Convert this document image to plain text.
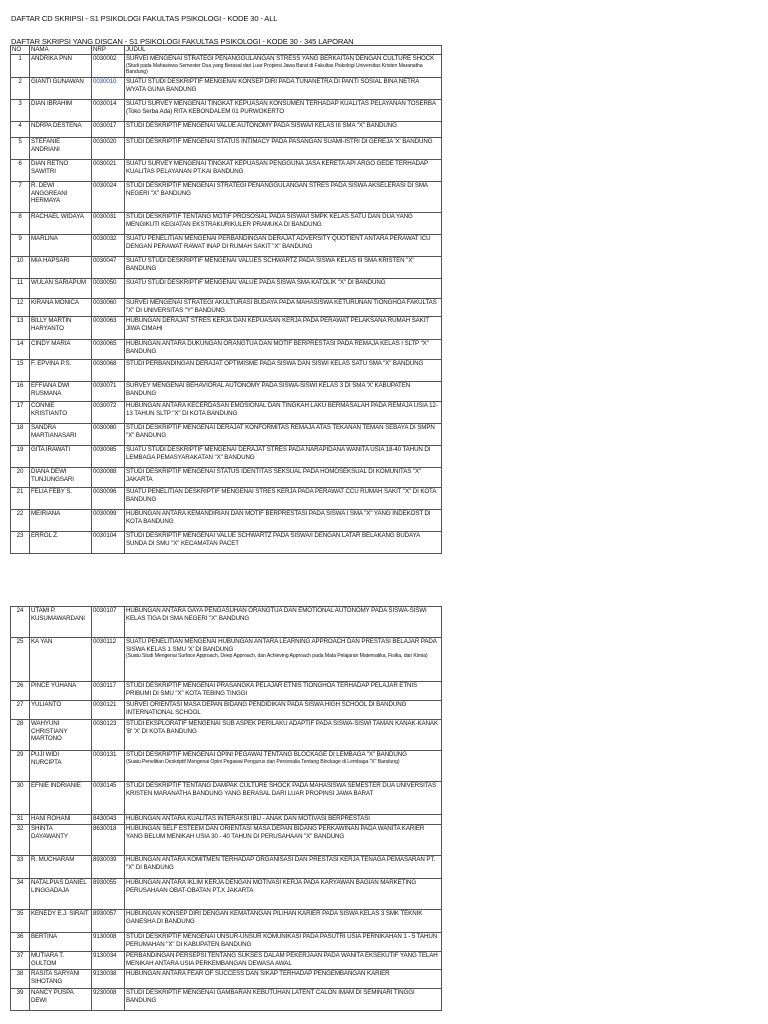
DAFTAR CD SKRIPSI - S1 PSIKOLOGI FAKULTAS PSIKOLOGI - KODE 30 - ALL
DAFTAR SKRIPSI YANG DISCAN - S1 PSIKOLOGI FAKULTAS PSIKOLOGI - KODE 30 - 345 LAPORAN
NO	NAMA	NRP	JUDUL
1	ANDRIKA PNN	0030002	SURVEI MENGENAI STRATEGI PENANGGULANGAN STRESS YANG BERKAITAN DENGAN CULTURE SHOCK
(Studi pada Mahasiswa Semester Dua yang Berasal dari Luar Propinsi Jawa Barat di Fakultas Psikologi Universitas Kristen Maranatha Bandung)

2	GIANTI GUNAWAN	0030010	SUATU STUDI DESKRIPTIF MENGENAI KONSEP DIRI PADA TUNANETRA DI PANTI SOSIAL BINA NETRA WYATA GUNA BANDUNG
3	DIAN IBRAHIM	0030014	SUATU SURVEY MENGENAI TINGKAT KEPUASAN KONSUMEN TERHADAP KUALITAS PELAYANAN TOSERBA (Toko Serba Ada) RITA KEBONDALEM 01 PURWOKERTO
4	NDRPA DESTENA	0030017	STUDI DESKRIPTIF MENGENAI VALUE AUTONOMY PADA SISWA/I KELAS III SMA "X" BANDUNG
5	STEFANIE ANDRIANI	0030020	STUDI DESKRIPTIF MENGENAI STATUS INTIMACY PADA PASANGAN SUAMI-ISTRI DI GEREJA 'X' BANDUNG
6	DIAN RETNO SAWITRI	0030021	SUATU SURVEY MENGENAI TINGKAT KEPUASAN PENGGUNA JASA KERETA API ARGO GEDE TERHADAP KUALITAS PELAYANAN PT.KAI BANDUNG
7	R. DEWI ANGGREANI HERMAYA	0030024	STUDI DESKRIPTIF MENGENAI STRATEGI PENANGGULANGAN STRES PADA SISWA AKSELERASI DI SMA NEGERI "X" BANDUNG
8	RACHAEL WIDAYA	0030031	STUDI DESKRIPTIF TENTANG MOTIF PROSOSIAL PADA SISWA/I SMPK KELAS SATU DAN DUA YANG MENGIKUTI KEGIATAN EKSTRAKURIKULER PRAMUKA DI BANDUNG
9	MARLINA	0030032	SUATU PENELITIAN MENGENAI PERBANDINGAN DERAJAT ADVERSITY QUOTIENT ANTARA PERAWAT ICU DENGAN PERAWAT RAWAT INAP DI RUMAH SAKIT "X" BANDUNG
10	MIA HAPSARI	0030047	SUATU STUDI DESKRIPTIF MENGENAI VALUES SCHWARTZ PADA SISWA KELAS III SMA KRISTEN "X" BANDUNG
11	WULAN SARIAPUM	0030050	SUATU STUDI DESKRIPTIF MENGENAI VALUE PADA SISWA SMA KATOLIK "X" DI BANDUNG
12	KIRANA MONICA	0030060	SURVEI MENGENAI STRATEGI AKULTURASI BUDAYA PADA MAHASISWA KETURUNAN TIONGHOA FAKULTAS "X" DI UNIVERSITAS "Y" BANDUNG
13	BILLY MARTIN HARYANTO	0030063	HUBUNGAN DERAJAT STRES KERJA DAN KEPUASAN KERJA PADA PERAWAT PELAKSANA RUMAH SAKIT JIWA CIMAHI
14	CINDY MARIA	0030065	HUBUNGAN ANTARA DUKUNGAN ORANGTUA DAN MOTIF BERPRESTASI PADA REMAJA KELAS I SLTP "X" BANDUNG
15	F. EPVINA P.S.	0030068	STUDI PERBANDINGAN DERAJAT OPTIMISME PADA SISWA DAN SISWI KELAS SATU SMA "X" BANDUNG
16	EFFIANA DWI RUSMANA	0030071	SURVEY MENGENAI BEHAVIORAL AUTONOMY PADA SISWA-SISWI KELAS 3 DI SMA 'X' KABUPATEN BANDUNG
17	CONNIE KRISTIANTO	0030072	HUBUNGAN ANTARA KECERDASAN EMOSIONAL DAN TINGKAH LAKU BERMASALAH PADA REMAJA USIA 12-13 TAHUN SLTP "X" DI KOTA BANDUNG
18	SANDRA MARTIANASARI	0030080	STUDI DESKRIPTIF MENGENAI DERAJAT KONFORMITAS REMAJA ATAS TEKANAN TEMAN SEBAYA DI SMPN "X" BANDUNG
19	GITA IRAWATI	0030085	SUATU STUDI DESKRIPTIF MENGENAI DERAJAT STRES PADA NARAPIDANA WANITA USIA 18-40 TAHUN DI LEMBAGA PEMASYARAKATAN "X" BANDUNG
20	DIANA DEWI TUNJUNGSARI	0030088	STUDI DESKRIPTIF MENGENAI STATUS IDENTITAS SEKSUAL PADA HOMOSEKSUAL DI KOMUNITAS "X" JAKARTA
21	FELIA FEBY S.	0030096	SUATU PENELITIAN DESKRIPTIF MENGENAI STRES KERJA PADA PERAWAT CCU RUMAH SAKIT "X" DI KOTA BANDUNG
22	MEIRIANA	0030099	HUBUNGAN ANTARA KEMANDIRIAN DAN MOTIF BERPRESTASI PADA SISWA I SMA "X" YANG INDEKOST DI KOTA BANDUNG
23	ERROL Z.	0030104	STUDI DESKRIPTIF MENGENAI VALUE SCHWARTZ PADA SISWA/I DENGAN LATAR BELAKANG BUDAYA SUNDA DI SMU "X" KECAMATAN PACET
24	UTAMI P. KUSUMAWARDANI	0030107	HUBUNGAN ANTARA GAYA PENGASUHAN ORANGTUA DAN EMOTIONAL AUTONOMY PADA SISWA-SISWI KELAS TIGA DI SMA NEGERI "X" BANDUNG
25	KA YAN	0030112	SUATU PENELITIAN MENGENAI HUBUNGAN ANTARA LEARNING APPROACH DAN PRESTASI BELAJAR PADA SISWA KELAS 1 SMU 'X' DI BANDUNG
(Suatu Studi Mengenai Surface Approach, Deep Approach, dan Achieving Approach pada Mata Pelajaran Matematika, Fisika, dan Kimia)

26	PINCE YUHANA	0030117	STUDI DESKRIPTIF MENGENAI PRASANGKA PELAJAR ETNIS TIONGHOA TERHADAP PELAJAR ETNIS PRIBUMI DI SMU "X" KOTA TEBING TINGGI
27	YULIANTO	0030121	SURVEI ORIENTASI MASA DEPAN BIDANG PENDIDIKAN PADA SISWA HIGH SCHOOL DI BANDUNG INTERNATIONAL SCHOOL
28	WAHYUNI CHRISTIANY MARTONO	0030123	STUDI EKSPLORATIF MENGENAI SUB ASPEK PERILAKU ADAPTIF PADA SISWA-SISWI TAMAN KANAK-KANAK 'B' 'X' DI KOTA BANDUNG
29	PUJI WIDI NURCIPTA	0030131	STUDI DESKRIPTIF MENGENAI OPINI PEGAWAI TENTANG BLOCKAGE DI LEMBAGA "X" BANDUNG
(Suatu Penelitian Deskriptif Mengenai Opini Pegawai Pengurus dan Personalia Tentang Blockage di Lembaga "X" Bandung)

30	EFNIE INDRIANIE	0030145	STUDI DESKRIPTIF TENTANG DAMPAK CULTURE SHOCK PADA MAHASISWA SEMESTER DUA UNIVERSITAS KRISTEN MARANATHA BANDUNG YANG BERASAL DARI LUAR PROPINSI JAWA BARAT
31	HANI ROHANI	8430043	HUBUNGAN ANTARA KUALITAS INTERAKSI IBU - ANAK DAN MOTIVASI BERPRESTASI
32	SHINTA DAYAWANTY	8630018	HUBUNGAN SELF ESTEEM DAN ORIENTASI MASA DEPAN BIDANG PERKAWINAN PADA WANITA KARIER YANG BELUM MENIKAH USIA 30 - 40 TAHUN DI PERUSAHAAN "X" BANDUNG
33	R. MUCHARAM	8930039	HUBUNGAN ANTARA KOMITMEN TERHADAP ORGANISASI DAN PRESTASI KERJA TENAGA PEMASARAN PT. "X" DI BANDUNG
34	NATALPIAS DANIEL LINGGADAJA	8930055	HUBUNGAN ANTARA IKLIM KERJA DENGAN MOTIVASI KERJA PADA KARYAWAN BAGIAN MARKETING PERUSAHAAN OBAT-OBATAN PT.X JAKARTA
35	KENEDY E.J. SIRAIT	8930057	HUBUNGAN KONSEP DIRI DENGAN KEMATANGAN PILIHAN KARIER PADA SISWA KELAS 3 SMK TEKNIK GANESHA DI BANDUNG
36	BERTINA	9130008	STUDI DESKRIPTIF MENGENAI UNSUR-UNSUR KOMUNIKASI PADA PASUTRI USIA PERNIKAHAN 1 - 5 TAHUN PERUMAHAN "X" DI KABUPATEN BANDUNG
37	MUTIARA T. GULTOM	9130034	PERBANDINGAN PERSEPSI TENTANG SUKSES DALAM PEKERJAAN PADA WANITA EKSEKUTIF YANG TELAH MENIKAH ANTARA USIA PERKEMBANGAN DEWASA AWAL
38	RASITA SARYANI SIHOTANG	9130038	HUBUNGAN ANTARA FEAR OF SUCCESS DAN SIKAP TERHADAP PENGEMBANGAN KARIER
39	NANCY PUSPA DEWI	9230008	STUDI DESKRIPTIF MENGENAI GAMBARAN KEBUTUHAN LATENT CALON IMAM DI SEMINARI TINGGI BANDUNG
